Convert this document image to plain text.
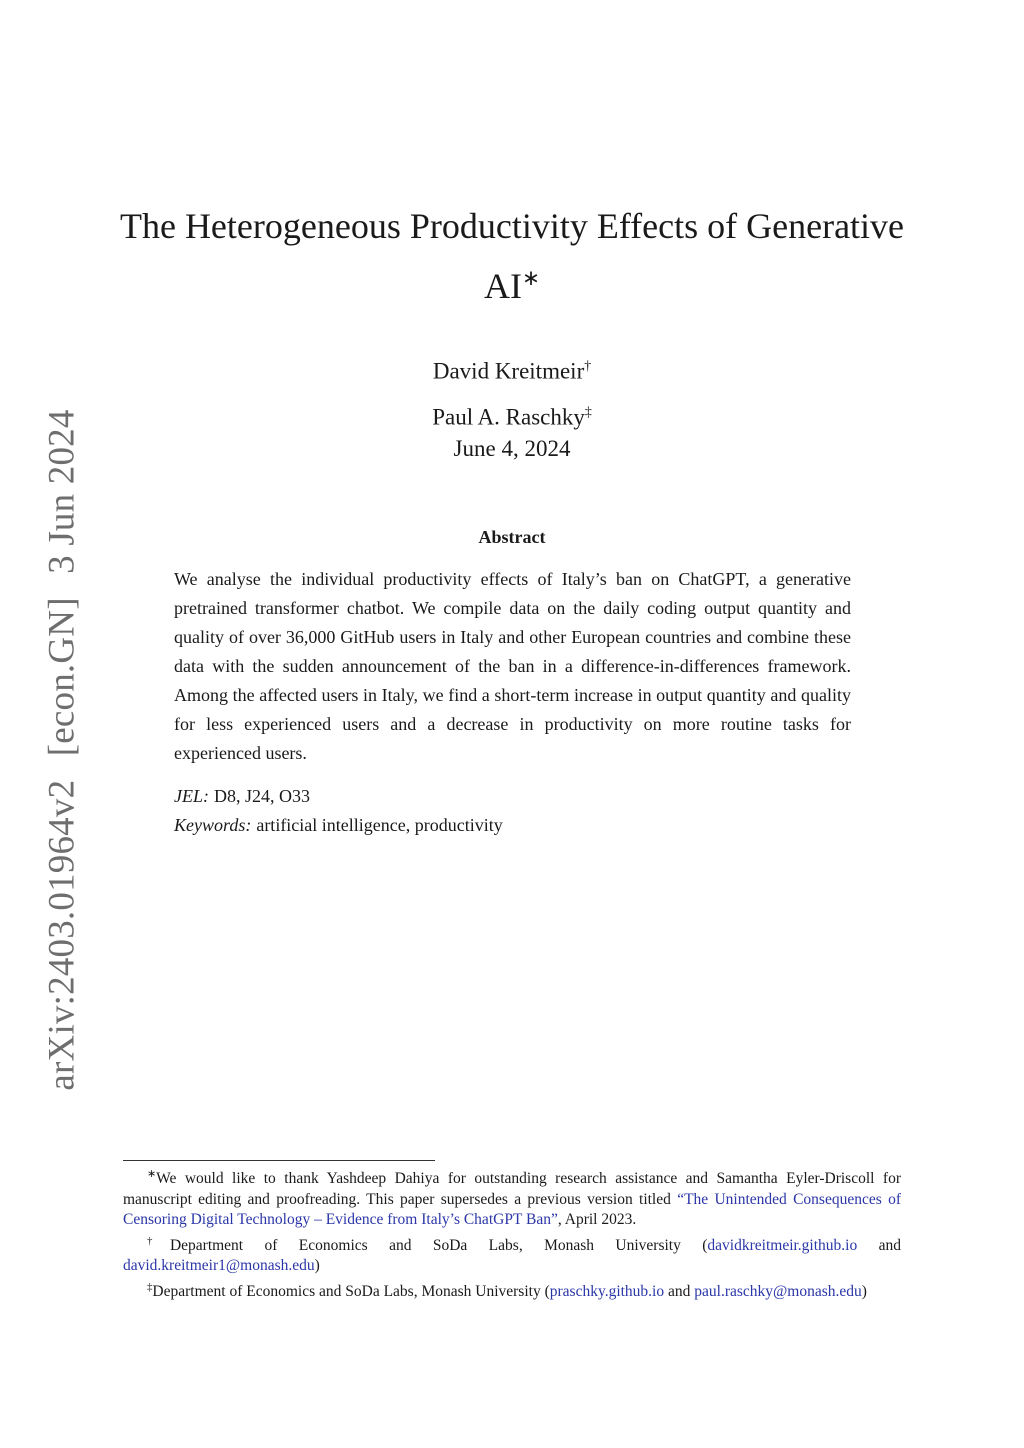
arXiv:2403.01964v2 [econ.GN] 3 Jun 2024
The Heterogeneous Productivity Effects of Generative AI∗
David Kreitmeir†
Paul A. Raschky‡
June 4, 2024
Abstract

We analyse the individual productivity effects of Italy’s ban on ChatGPT, a generative pretrained transformer chatbot. We compile data on the daily coding output quantity and quality of over 36,000 GitHub users in Italy and other European countries and combine these data with the sudden announcement of the ban in a difference-in-differences framework. Among the affected users in Italy, we find a short-term increase in output quantity and quality for less experienced users and a decrease in productivity on more routine tasks for experienced users.

JEL: D8, J24, O33
Keywords: artificial intelligence, productivity

∗We would like to thank Yashdeep Dahiya for outstanding research assistance and Samantha Eyler-Driscoll for manuscript editing and proofreading. This paper supersedes a previous version titled “The Unintended Consequences of Censoring Digital Technology – Evidence from Italy’s ChatGPT Ban”, April 2023.

†Department of Economics and SoDa Labs, Monash University (davidkreitmeir.github.io and david.kreitmeir1@monash.edu)

‡Department of Economics and SoDa Labs, Monash University (praschky.github.io and paul.raschky@monash.edu)
